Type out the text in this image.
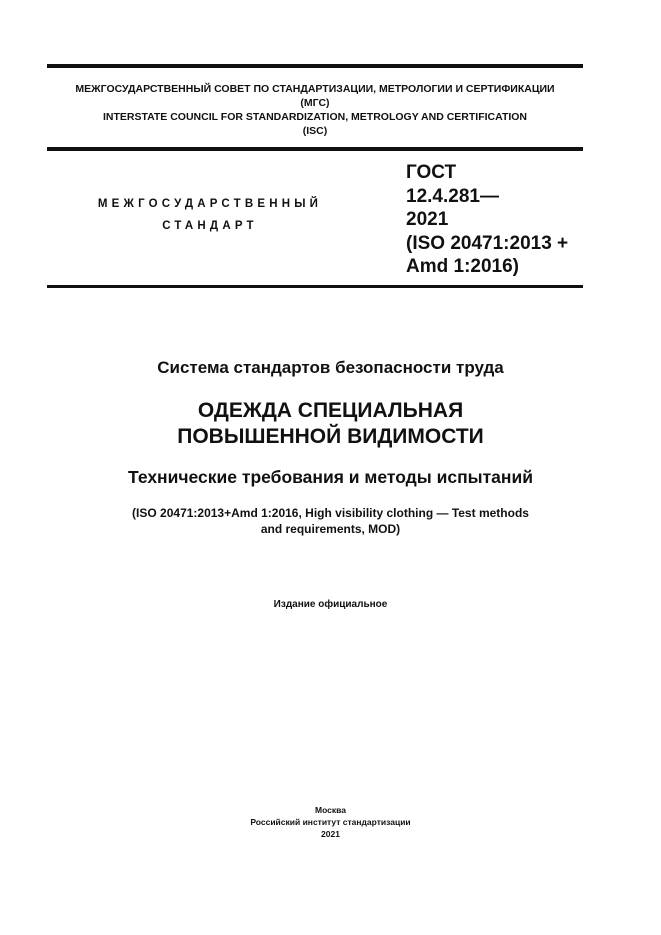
МЕЖГОСУДАРСТВЕННЫЙ СОВЕТ ПО СТАНДАРТИЗАЦИИ, МЕТРОЛОГИИ И СЕРТИФИКАЦИИ
(МГС)
INTERSTATE COUNCIL FOR STANDARDIZATION, METROLOGY AND CERTIFICATION
(ISC)
МЕЖГОСУДАРСТВЕННЫЙ
СТАНДАРТ
ГОСТ
12.4.281—
2021
(ISO 20471:2013 +
Amd 1:2016)
Система стандартов безопасности труда
ОДЕЖДА СПЕЦИАЛЬНАЯ
ПОВЫШЕННОЙ ВИДИМОСТИ
Технические требования и методы испытаний
(ISO 20471:2013+Amd 1:2016, High visibility clothing — Test methods
and requirements, MOD)
Издание официальное
Москва
Российский институт стандартизации
2021
